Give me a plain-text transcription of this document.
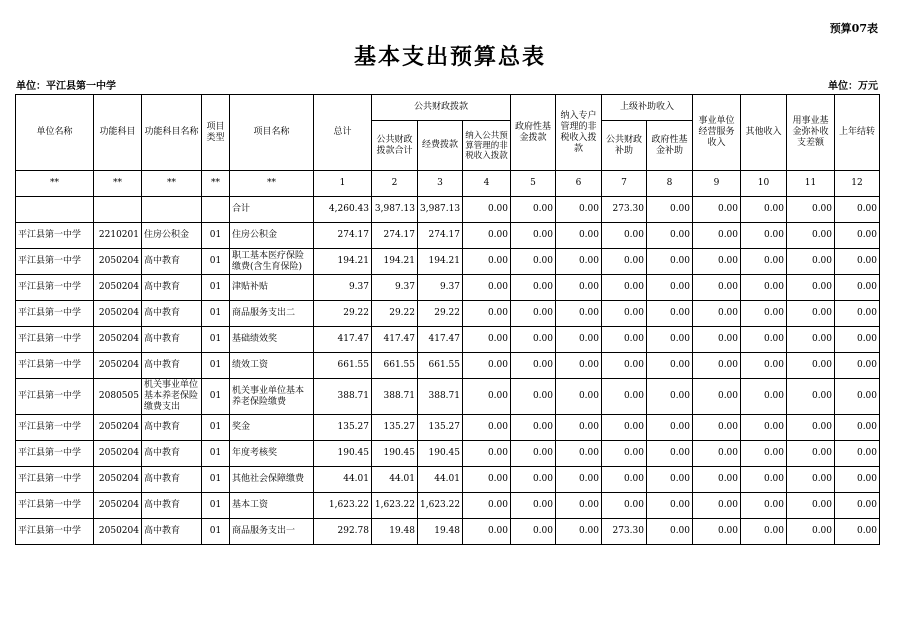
预算07表
基本支出预算总表
单位：平江县第一中学	单位：万元
单位名称	功能科目	功能科目名称	项目类型	项目名称	总计	公共财政拨款			政府性基金拨款	纳入专户管理的非税收入拨款	上级补助收入		事业单位经营服务收入	其他收入	用事业基金弥补收支差额	上年结转
						公共财政拨款合计	经费拨款	纳入公共预算管理的非税收入拨款			公共财政补助	政府性基金补助				
**	**	**	**	**	1	2	3	4	5	6	7	8	9	10	11	12
				合计	4,260.43	3,987.13	3,987.13	0.00	0.00	0.00	273.30	0.00	0.00	0.00	0.00	0.00
平江县第一中学	2210201	住房公积金	01	住房公积金	274.17	274.17	274.17	0.00	0.00	0.00	0.00	0.00	0.00	0.00	0.00	0.00
平江县第一中学	2050204	高中教育	01	职工基本医疗保险缴费(含生育保险)	194.21	194.21	194.21	0.00	0.00	0.00	0.00	0.00	0.00	0.00	0.00	0.00
平江县第一中学	2050204	高中教育	01	津贴补贴	9.37	9.37	9.37	0.00	0.00	0.00	0.00	0.00	0.00	0.00	0.00	0.00
平江县第一中学	2050204	高中教育	01	商品服务支出二	29.22	29.22	29.22	0.00	0.00	0.00	0.00	0.00	0.00	0.00	0.00	0.00
平江县第一中学	2050204	高中教育	01	基础绩效奖	417.47	417.47	417.47	0.00	0.00	0.00	0.00	0.00	0.00	0.00	0.00	0.00
平江县第一中学	2050204	高中教育	01	绩效工资	661.55	661.55	661.55	0.00	0.00	0.00	0.00	0.00	0.00	0.00	0.00	0.00
平江县第一中学	2080505	机关事业单位基本养老保险缴费支出	01	机关事业单位基本养老保险缴费	388.71	388.71	388.71	0.00	0.00	0.00	0.00	0.00	0.00	0.00	0.00	0.00
平江县第一中学	2050204	高中教育	01	奖金	135.27	135.27	135.27	0.00	0.00	0.00	0.00	0.00	0.00	0.00	0.00	0.00
平江县第一中学	2050204	高中教育	01	年度考核奖	190.45	190.45	190.45	0.00	0.00	0.00	0.00	0.00	0.00	0.00	0.00	0.00
平江县第一中学	2050204	高中教育	01	其他社会保障缴费	44.01	44.01	44.01	0.00	0.00	0.00	0.00	0.00	0.00	0.00	0.00	0.00
平江县第一中学	2050204	高中教育	01	基本工资	1,623.22	1,623.22	1,623.22	0.00	0.00	0.00	0.00	0.00	0.00	0.00	0.00	0.00
平江县第一中学	2050204	高中教育	01	商品服务支出一	292.78	19.48	19.48	0.00	0.00	0.00	273.30	0.00	0.00	0.00	0.00	0.00
